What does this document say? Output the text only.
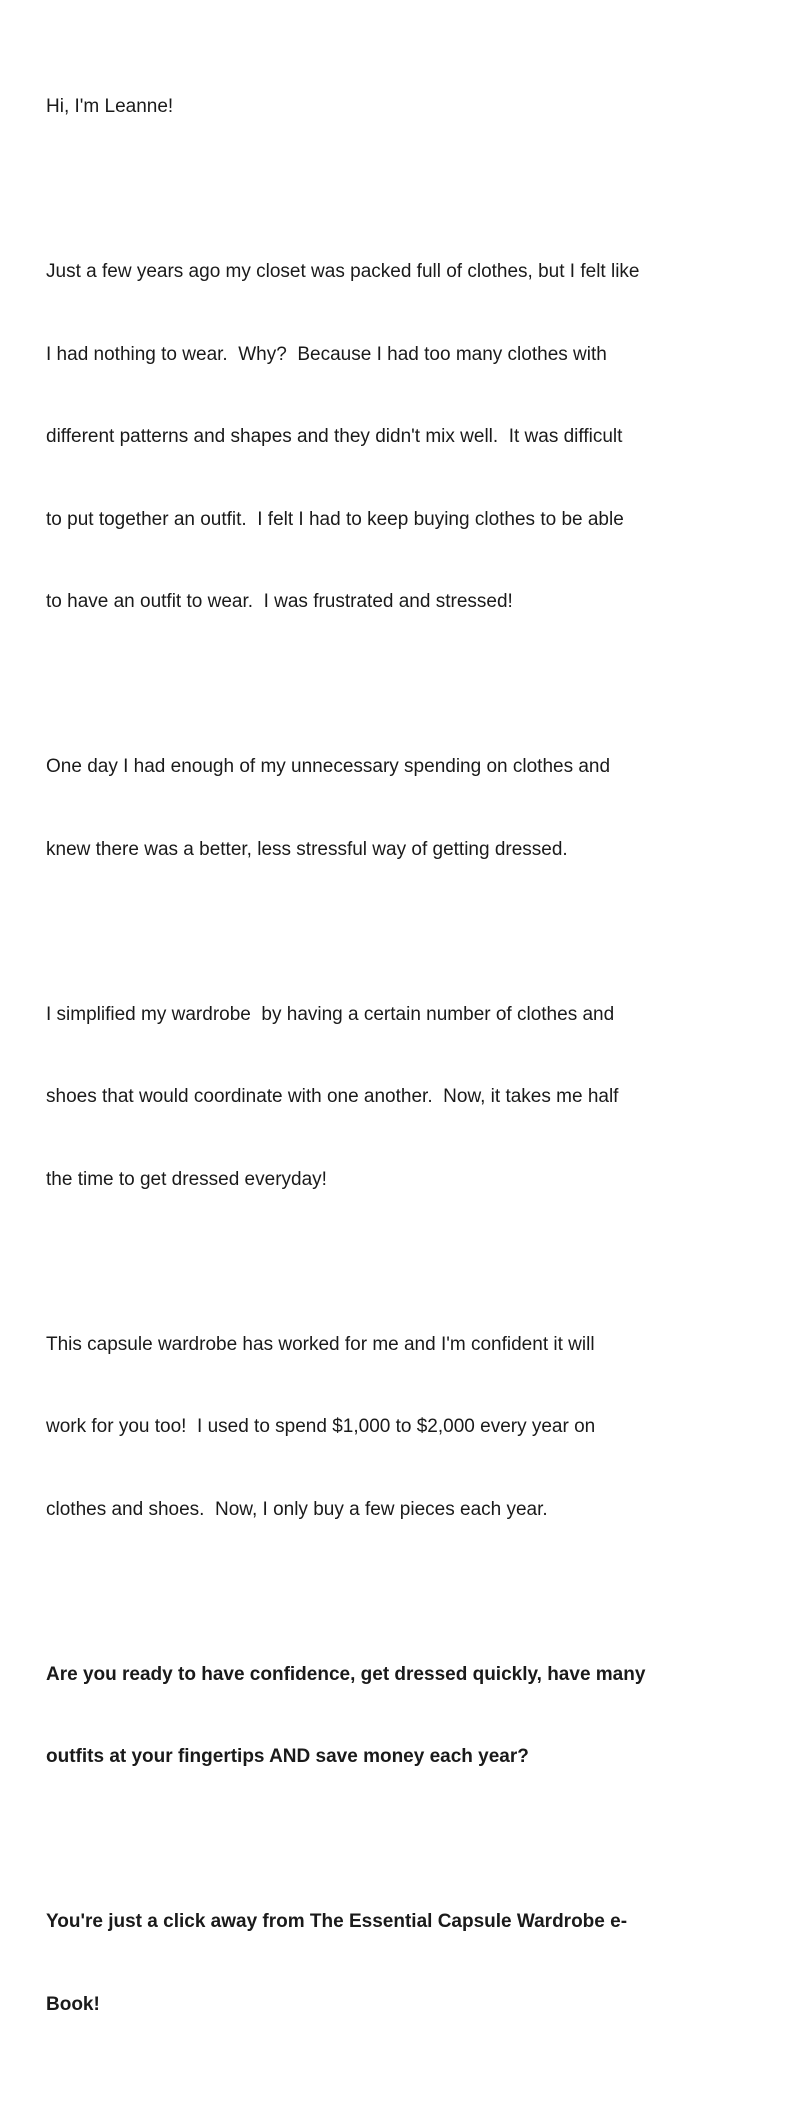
Hi, I'm Leanne!

Just a few years ago my closet was packed full of clothes, but I felt like

I had nothing to wear.  Why?  Because I had too many clothes with

different patterns and shapes and they didn't mix well.  It was difficult

to put together an outfit.  I felt I had to keep buying clothes to be able

to have an outfit to wear.  I was frustrated and stressed!

One day I had enough of my unnecessary spending on clothes and

knew there was a better, less stressful way of getting dressed.

I simplified my wardrobe  by having a certain number of clothes and

shoes that would coordinate with one another.  Now, it takes me half

the time to get dressed everyday!

This capsule wardrobe has worked for me and I'm confident it will

work for you too!  I used to spend $1,000 to $2,000 every year on

clothes and shoes.  Now, I only buy a few pieces each year.

Are you ready to have confidence, get dressed quickly, have many

outfits at your fingertips AND save money each year?

You're just a click away from The Essential Capsule Wardrobe e-

Book!
